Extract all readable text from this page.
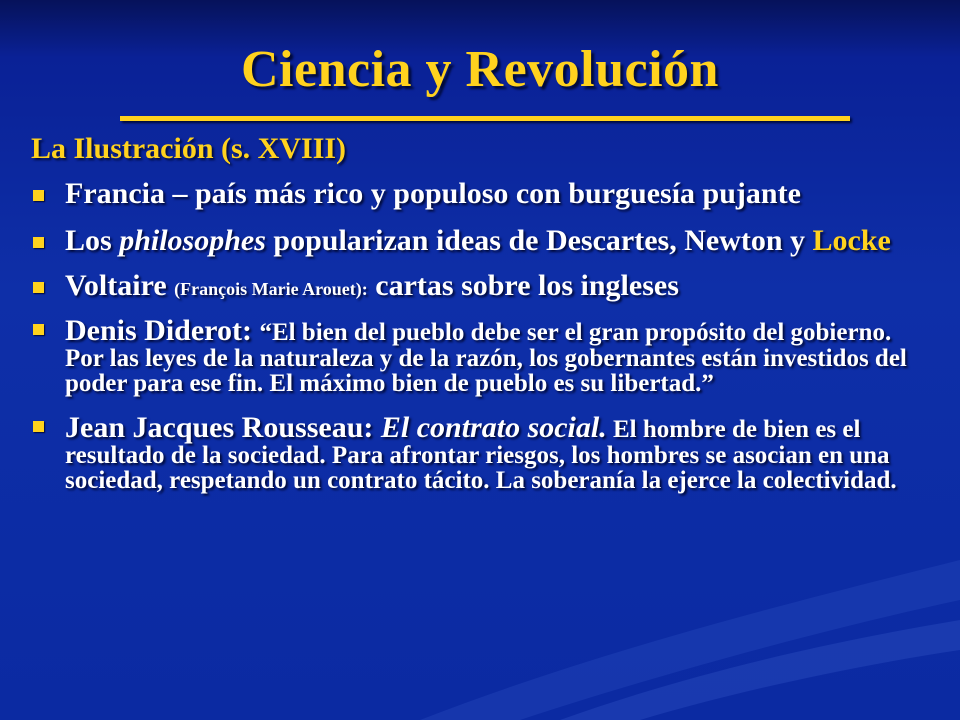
Ciencia y Revolución
La Ilustración (s. XVIII)
Francia – país más rico y populoso con burguesía pujante
Los philosophes popularizan ideas de Descartes, Newton y Locke
Voltaire (François Marie Arouet): cartas sobre los ingleses
Denis Diderot: “El bien del pueblo debe ser el gran propósito del gobierno. Por las leyes de la naturaleza y de la razón, los gobernantes están investidos del poder para ese fin. El máximo bien de pueblo es su libertad.”
Jean Jacques Rousseau: El contrato social. El hombre de bien es el resultado de la sociedad. Para afrontar riesgos, los hombres se asocian en una sociedad, respetando un contrato tácito. La soberanía la ejerce la colectividad.
